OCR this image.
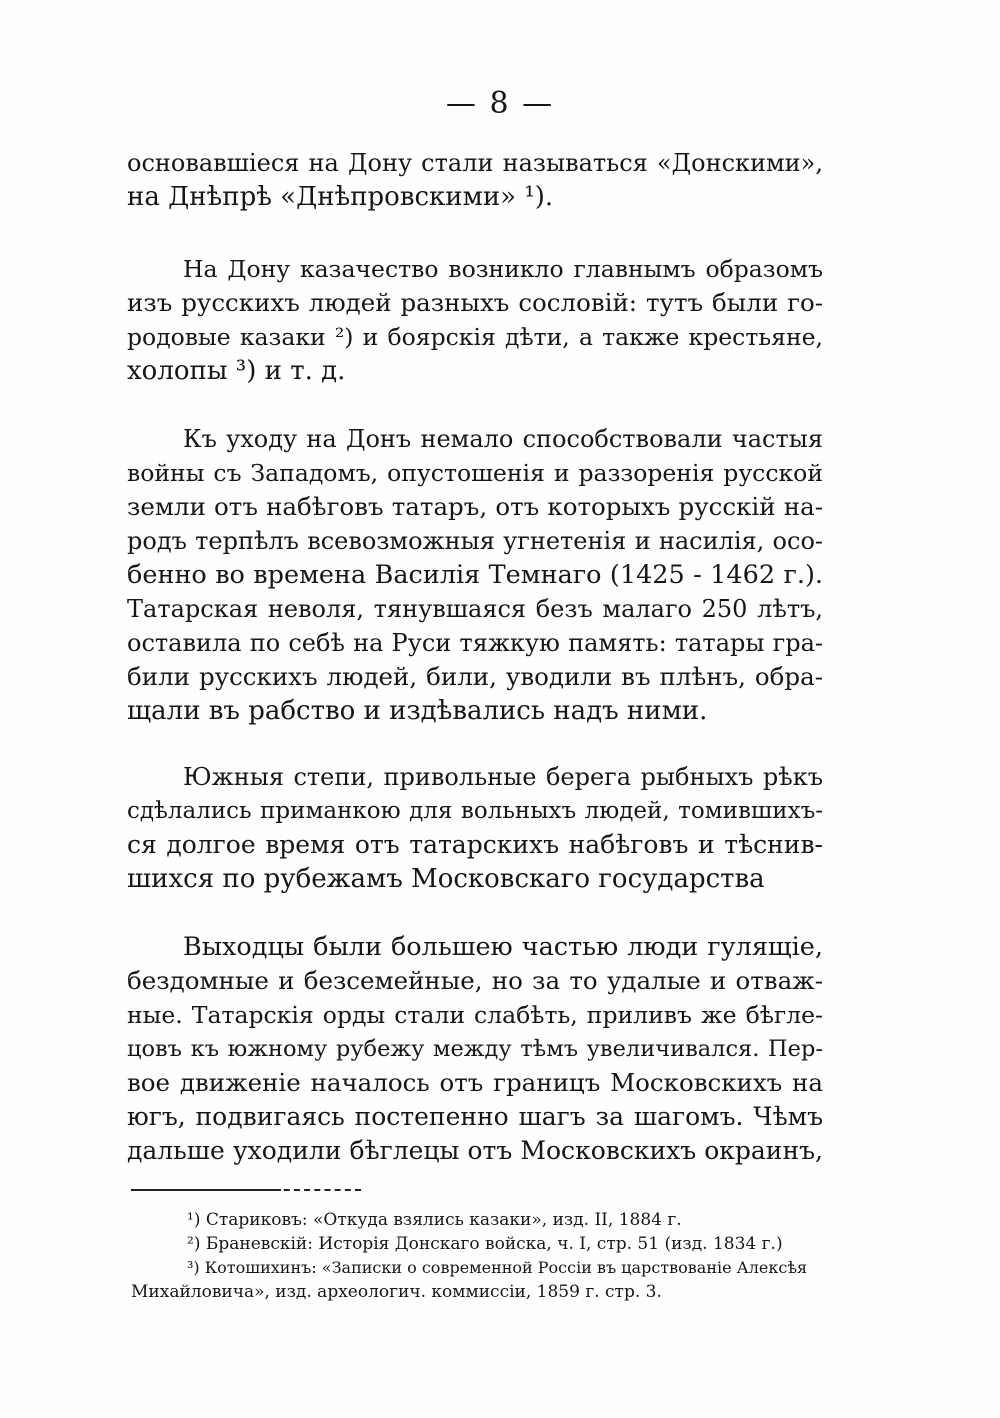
— 8 —
основавшіеся на Дону стали называться «Донскими»,
на Днѣпрѣ «Днѣпровскими» ¹).
На Дону казачество возникло главнымъ образомъ
изъ русскихъ людей разныхъ сословій: тутъ были го-
родовые казаки ²) и боярскія дѣти, а также крестьяне,
холопы ³) и т. д.
Къ уходу на Донъ немало способствовали частыя
войны съ Западомъ, опустошенія и раззоренія русской
земли отъ набѣговъ татаръ, отъ которыхъ русскій на-
родъ терпѣлъ всевозможныя угнетенія и насилія, осо-
бенно во времена Василія Темнаго (1425 - 1462 г.).
Татарская неволя, тянувшаяся безъ малаго 250 лѣтъ,
оставила по себѣ на Руси тяжкую память: татары гра-
били русскихъ людей, били, уводили въ плѣнъ, обра-
щали въ рабство и издѣвались надъ ними.
Южныя степи, привольные берега рыбныхъ рѣкъ
сдѣлались приманкою для вольныхъ людей, томившихъ-
ся долгое время отъ татарскихъ набѣговъ и тѣснив-
шихся по рубежамъ Московскаго государства
Выходцы были большею частью люди гулящіе,
бездомные и безсемейные, но за то удалые и отваж-
ные. Татарскія орды стали слабѣть, приливъ же бѣгле-
цовъ къ южному рубежу между тѣмъ увеличивался. Пер-
вое движеніе началось отъ границъ Московскихъ на
югъ, подвигаясь постепенно шагъ за шагомъ. Чѣмъ
дальше уходили бѣглецы отъ Московскихъ окраинъ,
¹) Стариковъ: «Откуда взялись казаки», изд. II, 1884 г.
²) Браневскій: Исторія Донскаго войска, ч. I, стр. 51 (изд. 1834 г.)
³) Котошихинъ: «Записки о современной Россіи въ царствованіе Алексѣя
Михайловича», изд. археологич. коммиссіи, 1859 г. стр. 3.
